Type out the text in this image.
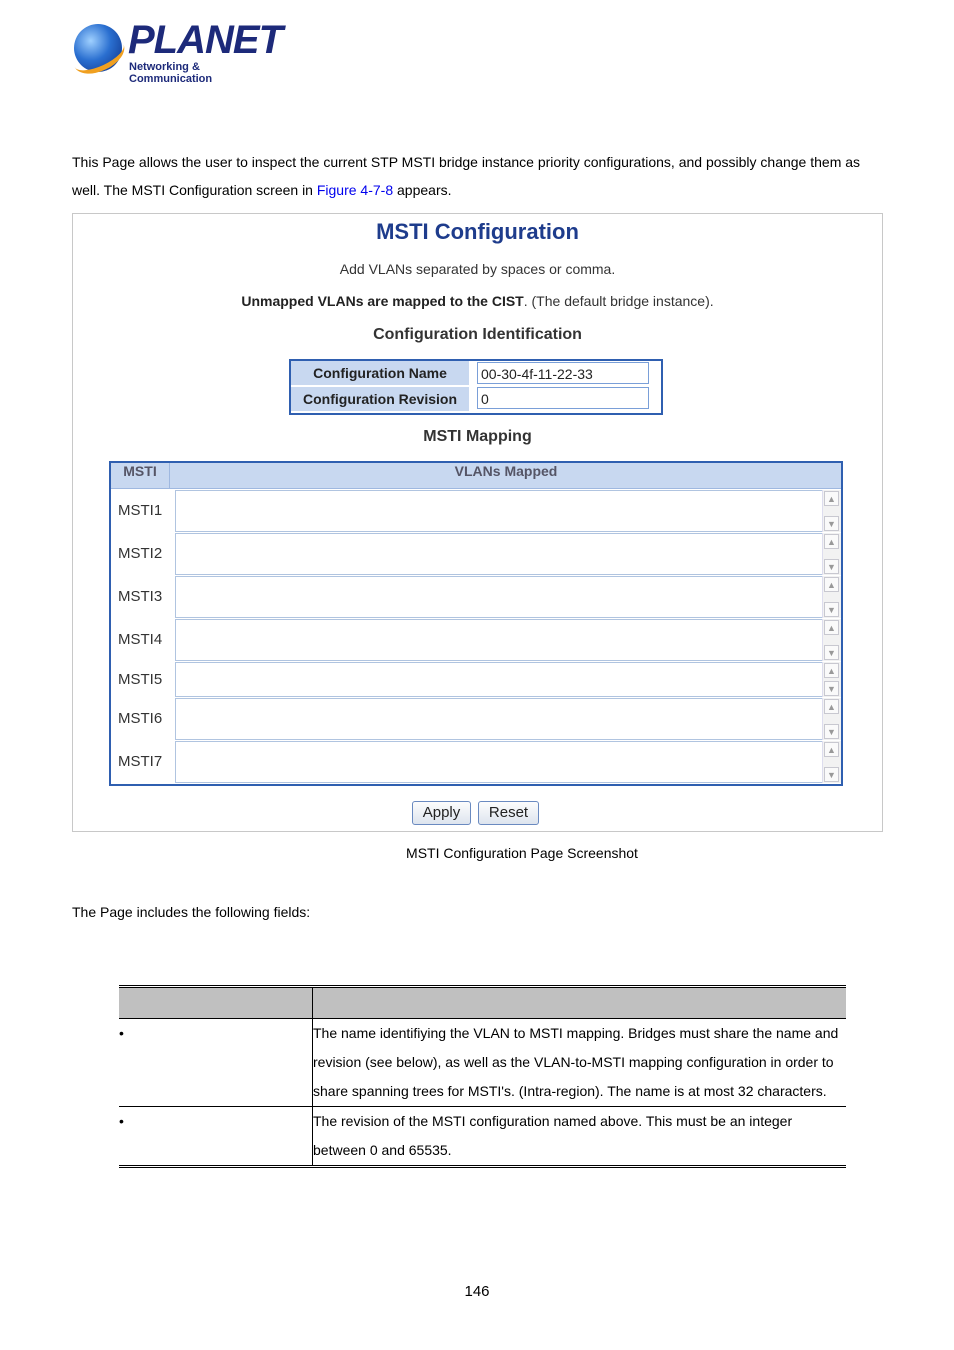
PLANET
Networking & Communication
This Page allows the user to inspect the current STP MSTI bridge instance priority configurations, and possibly change them as
well. The MSTI Configuration screen in Figure 4-7-8 appears.
MSTI Configuration
Add VLANs separated by spaces or comma.
Unmapped VLANs are mapped to the CIST. (The default bridge instance).
Configuration Identification
Configuration Name	00-30-4f-11-22-33
Configuration Revision	0
MSTI Mapping
MSTI	VLANs Mapped
MSTI1
▲
▼
MSTI2
▲
▼
MSTI3
▲
▼
MSTI4
▲
▼
MSTI5	▲
▼
MSTI6
▲
▼
MSTI7
▲
▼
Apply	Reset
MSTI Configuration Page Screenshot
The Page includes the following fields:

•	The name identifiying the VLAN to MSTI mapping. Bridges must share the name and revision (see below), as well as the VLAN-to-MSTI mapping configuration in order to share spanning trees for MSTI's. (Intra-region). The name is at most 32 characters.
•	The revision of the MSTI configuration named above. This must be an integer between 0 and 65535.
146
